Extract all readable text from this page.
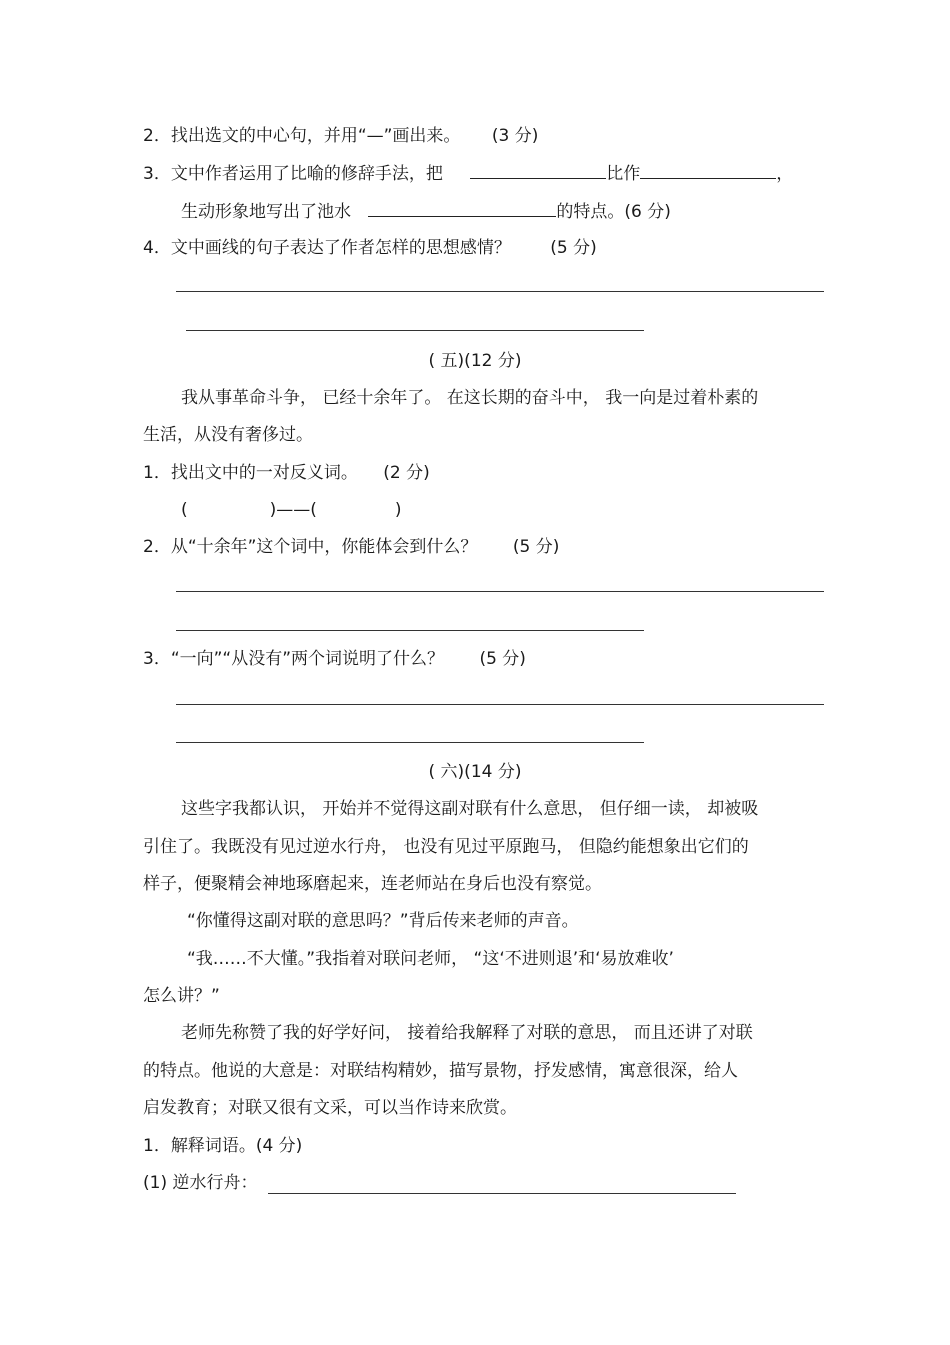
2．找出选文的中心句，并用“—”画出来。 (3 分)
3．文中作者运用了比喻的修辞手法，把	比作	，
生动形象地写出了池水	的特点。(6 分)
4．文中画线的句子表达了作者怎样的思想感情？ (5 分)
( 五)(12 分)
我从事革命斗争， 已经十余年了。 在这长期的奋斗中， 我一向是过着朴素的
生活，从没有奢侈过。
1．找出文中的一对反义词。 (2 分)
(	)——(	)
2．从“十余年”这个词中，你能体会到什么？ (5 分)
3．“一向”“从没有”两个词说明了什么？ (5 分)
( 六)(14 分)
这些字我都认识， 开始并不觉得这副对联有什么意思， 但仔细一读， 却被吸
引住了。我既没有见过逆水行舟， 也没有见过平原跑马， 但隐约能想象出它们的
样子，便聚精会神地琢磨起来，连老师站在身后也没有察觉。
“你懂得这副对联的意思吗？”背后传来老师的声音。
“我……不大懂。”我指着对联问老师， “这‘不进则退’和‘易放难收’
怎么讲？”
老师先称赞了我的好学好问， 接着给我解释了对联的意思， 而且还讲了对联
的特点。他说的大意是：对联结构精妙，描写景物，抒发感情，寓意很深，给人
启发教育；对联又很有文采，可以当作诗来欣赏。
1．解释词语。(4 分)
(1) 逆水行舟：
